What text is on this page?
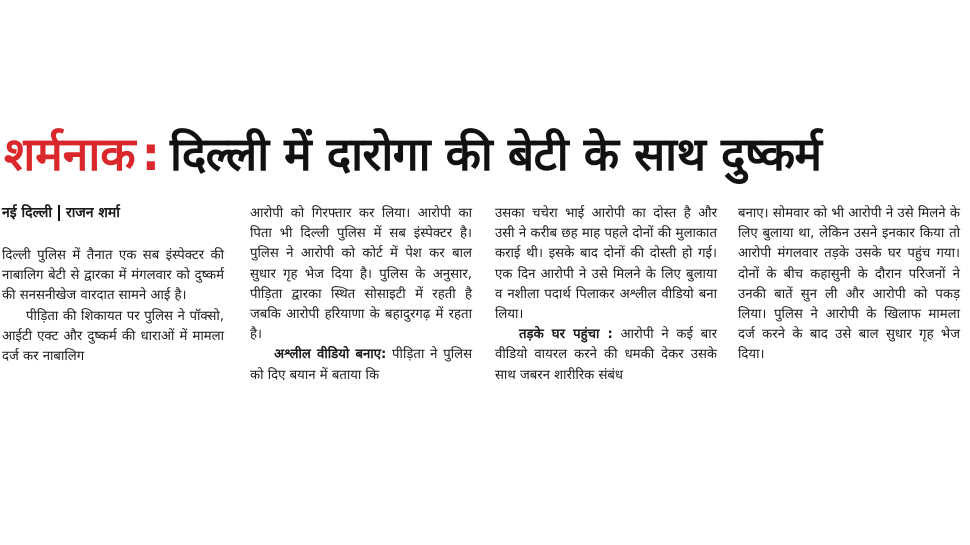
शर्मनाक : दिल्ली में दारोगा की बेटी के साथ दुष्कर्म
नई दिल्ली राजन शर्मा

दिल्ली पुलिस में तैनात एक सब इंस्पेक्टर की नाबालिग बेटी से द्वारका में मंगलवार को दुष्कर्म की सनसनीखेज वारदात सामने आई है।

पीड़िता की शिकायत पर पुलिस ने पॉक्सो, आईटी एक्ट और दुष्कर्म की धाराओं में मामला दर्ज कर नाबालिग

आरोपी को गिरफ्तार कर लिया। आरोपी का पिता भी दिल्ली पुलिस में सब इंस्पेक्टर है। पुलिस ने आरोपी को कोर्ट में पेश कर बाल सुधार गृह भेज दिया है। पुलिस के अनुसार, पीड़िता द्वारका स्थित सोसाइटी में रहती है जबकि आरोपी हरियाणा के बहादुरगढ़ में रहता है।

अश्लील वीडियो बनाए: पीड़िता ने पुलिस को दिए बयान में बताया कि

उसका चचेरा भाई आरोपी का दोस्त है और उसी ने करीब छह माह पहले दोनों की मुलाकात कराई थी। इसके बाद दोनों की दोस्ती हो गई। एक दिन आरोपी ने उसे मिलने के लिए बुलाया व नशीला पदार्थ पिलाकर अश्लील वीडियो बना लिया।

तड़के घर पहुंचा : आरोपी ने कई बार वीडियो वायरल करने की धमकी देकर उसके साथ जबरन शारीरिक संबंध

बनाए। सोमवार को भी आरोपी ने उसे मिलने के लिए बुलाया था, लेकिन उसने इनकार किया तो आरोपी मंगलवार तड़के उसके घर पहुंच गया। दोनों के बीच कहासुनी के दौरान परिजनों ने उनकी बातें सुन ली और आरोपी को पकड़ लिया। पुलिस ने आरोपी के खिलाफ मामला दर्ज करने के बाद उसे बाल सुधार गृह भेज दिया।
